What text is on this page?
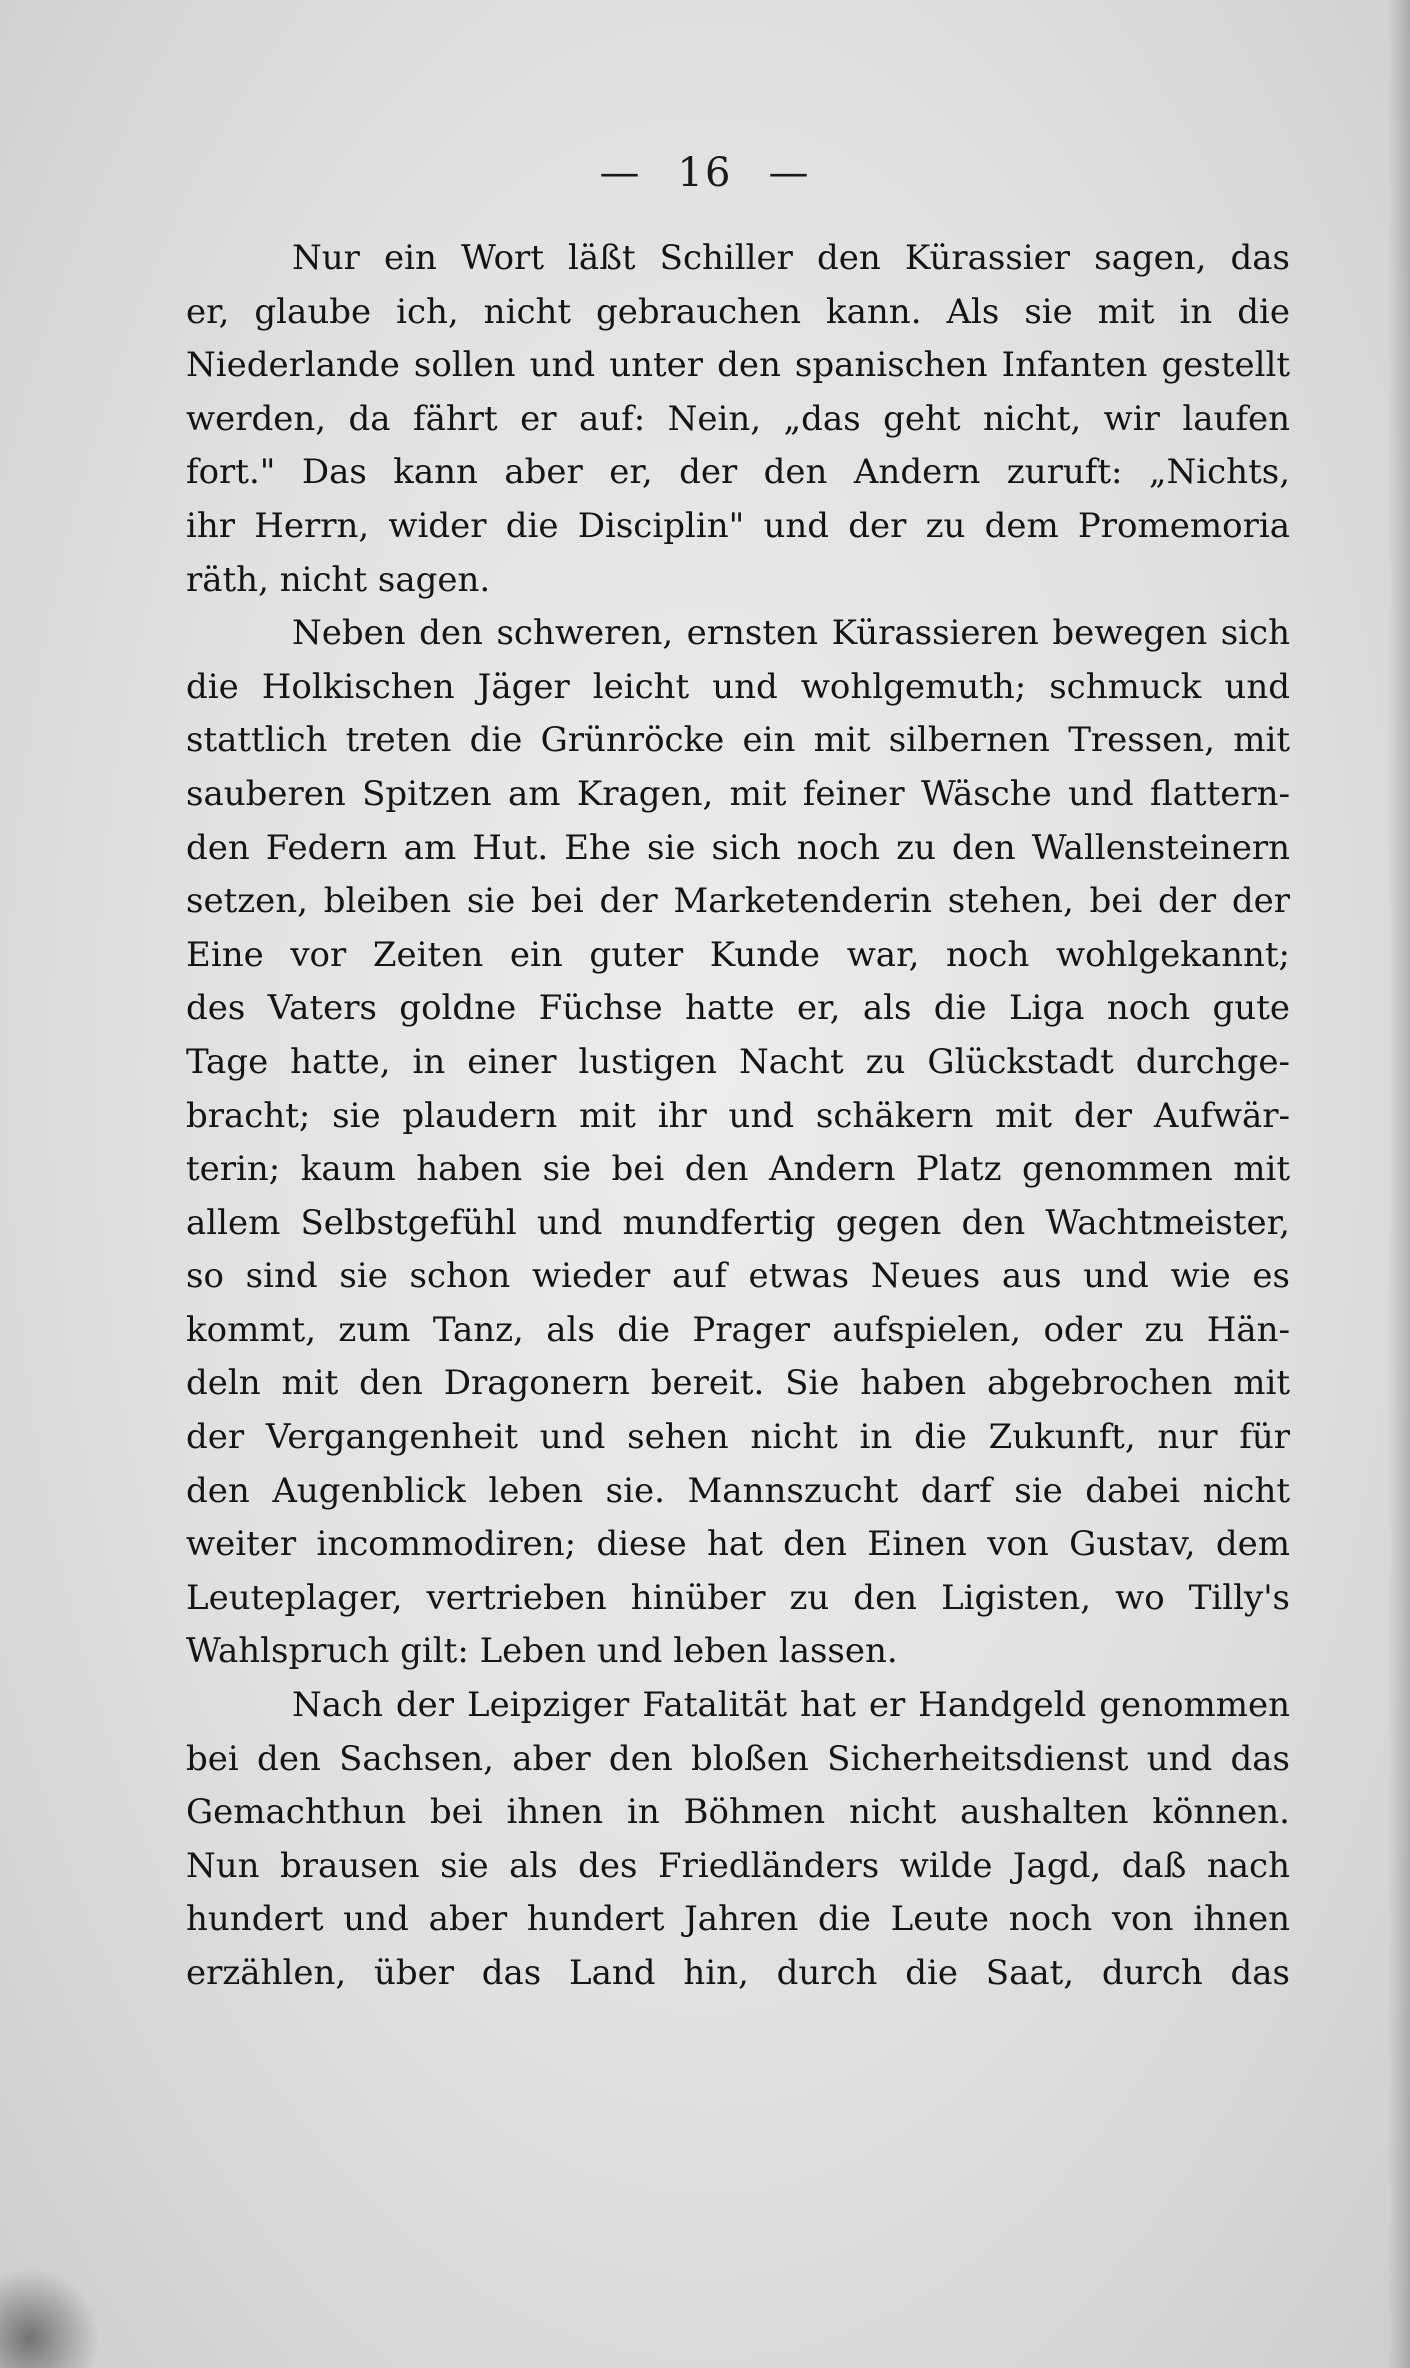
— 16 —
Nur ein Wort läßt Schiller den Kürassier sagen, das
er, glaube ich, nicht gebrauchen kann. Als sie mit in die
Niederlande sollen und unter den spanischen Infanten gestellt
werden, da fährt er auf: Nein, „das geht nicht, wir laufen
fort." Das kann aber er, der den Andern zuruft: „Nichts,
ihr Herrn, wider die Disciplin" und der zu dem Promemoria
räth, nicht sagen.
Neben den schweren, ernsten Kürassieren bewegen sich
die Holkischen Jäger leicht und wohlgemuth; schmuck und
stattlich treten die Grünröcke ein mit silbernen Tressen, mit
sauberen Spitzen am Kragen, mit feiner Wäsche und flattern-
den Federn am Hut. Ehe sie sich noch zu den Wallensteinern
setzen, bleiben sie bei der Marketenderin stehen, bei der der
Eine vor Zeiten ein guter Kunde war, noch wohlgekannt;
des Vaters goldne Füchse hatte er, als die Liga noch gute
Tage hatte, in einer lustigen Nacht zu Glückstadt durchge-
bracht; sie plaudern mit ihr und schäkern mit der Aufwär-
terin; kaum haben sie bei den Andern Platz genommen mit
allem Selbstgefühl und mundfertig gegen den Wachtmeister,
so sind sie schon wieder auf etwas Neues aus und wie es
kommt, zum Tanz, als die Prager aufspielen, oder zu Hän-
deln mit den Dragonern bereit. Sie haben abgebrochen mit
der Vergangenheit und sehen nicht in die Zukunft, nur für
den Augenblick leben sie. Mannszucht darf sie dabei nicht
weiter incommodiren; diese hat den Einen von Gustav, dem
Leuteplager, vertrieben hinüber zu den Ligisten, wo Tilly's
Wahlspruch gilt: Leben und leben lassen.
Nach der Leipziger Fatalität hat er Handgeld genommen
bei den Sachsen, aber den bloßen Sicherheitsdienst und das
Gemachthun bei ihnen in Böhmen nicht aushalten können.
Nun brausen sie als des Friedländers wilde Jagd, daß nach
hundert und aber hundert Jahren die Leute noch von ihnen
erzählen, über das Land hin, durch die Saat, durch das
